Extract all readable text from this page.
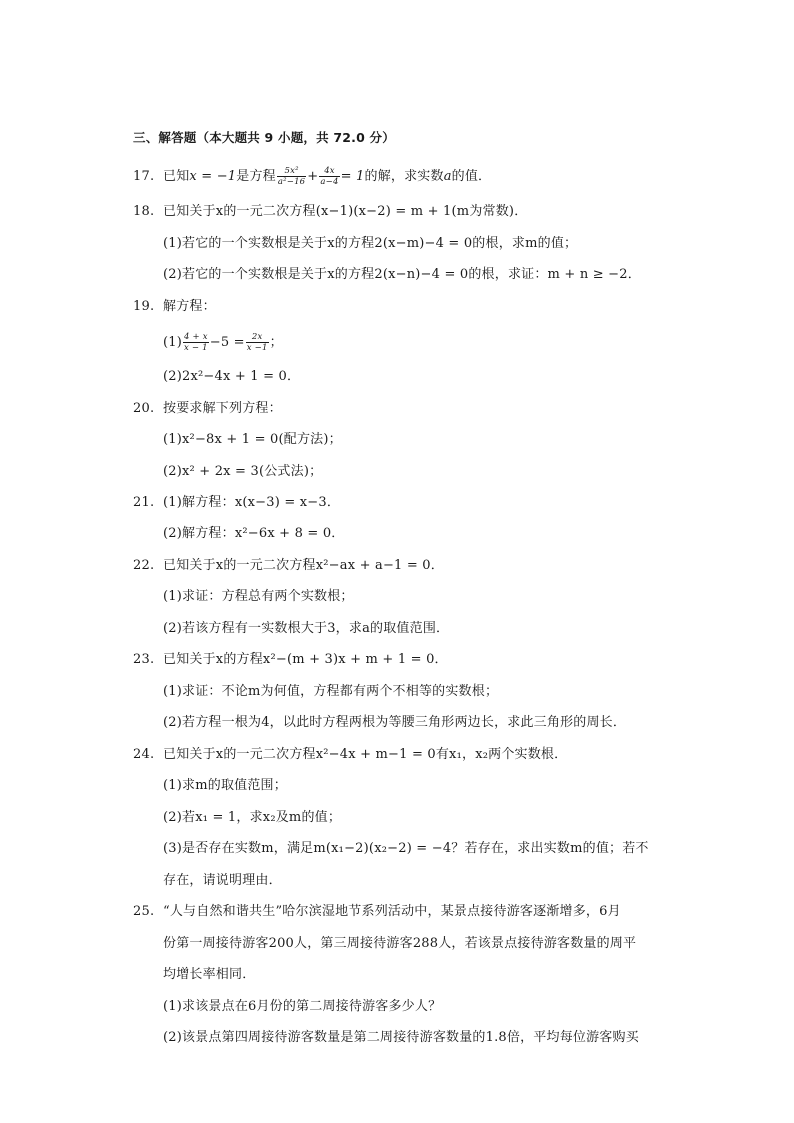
三、解答题（本大题共 9 小题，共 72.0 分）
17. 已知x = −1是方程 $\frac{\text{5x²}}{\text{a²−16}} + \frac{4x}{a-4} = 1$的解，求实数a的值．
18. 已知关于x的一元二次方程(x−1)(x−2) = m + 1(m为常数)．
(1)若它的一个实数根是关于x的方程2(x−m)−4 = 0的根，求m的值；
(2)若它的一个实数根是关于x的方程2(x−n)−4 = 0的根，求证：m + n ≥ −2．
19. 解方程：
$(1) \frac{4 + x}{x - 1} -5 = \frac{2x}{x -1}$ ；
(2)2x²−4x + 1 = 0．
20. 按要求解下列方程：
(1)x²−8x + 1 = 0(配方法)；
(2)x² + 2x = 3(公式法)；
21. (1)解方程：x(x−3) = x−3．
(2)解方程：x²−6x + 8 = 0．
22. 已知关于x的一元二次方程x²−ax + a−1 = 0．
(1)求证：方程总有两个实数根；
(2)若该方程有一实数根大于3，求a的取值范围．
23. 已知关于x的方程x²−(m + 3)x + m + 1 = 0．
(1)求证：不论m为何值，方程都有两个不相等的实数根；
(2)若方程一根为4，以此时方程两根为等腰三角形两边长，求此三角形的周长．
24. 已知关于x的一元二次方程x²−4x + m−1 = 0有x₁，x₂两个实数根．
(1)求m的取值范围；
(2)若x₁ = 1，求x₂及m的值；
(3)是否存在实数m，满足m(x₁−2)(x₂−2) = −4？若存在，求出实数m的值；若不
存在，请说明理由．
25. “人与自然和谐共生”哈尔滨湿地节系列活动中，某景点接待游客逐渐增多，6月
份第一周接待游客200人，第三周接待游客288人，若该景点接待游客数量的周平
均增长率相同．
(1)求该景点在6月份的第二周接待游客多少人？
(2)该景点第四周接待游客数量是第二周接待游客数量的1.8倍，平均每位游客购买
